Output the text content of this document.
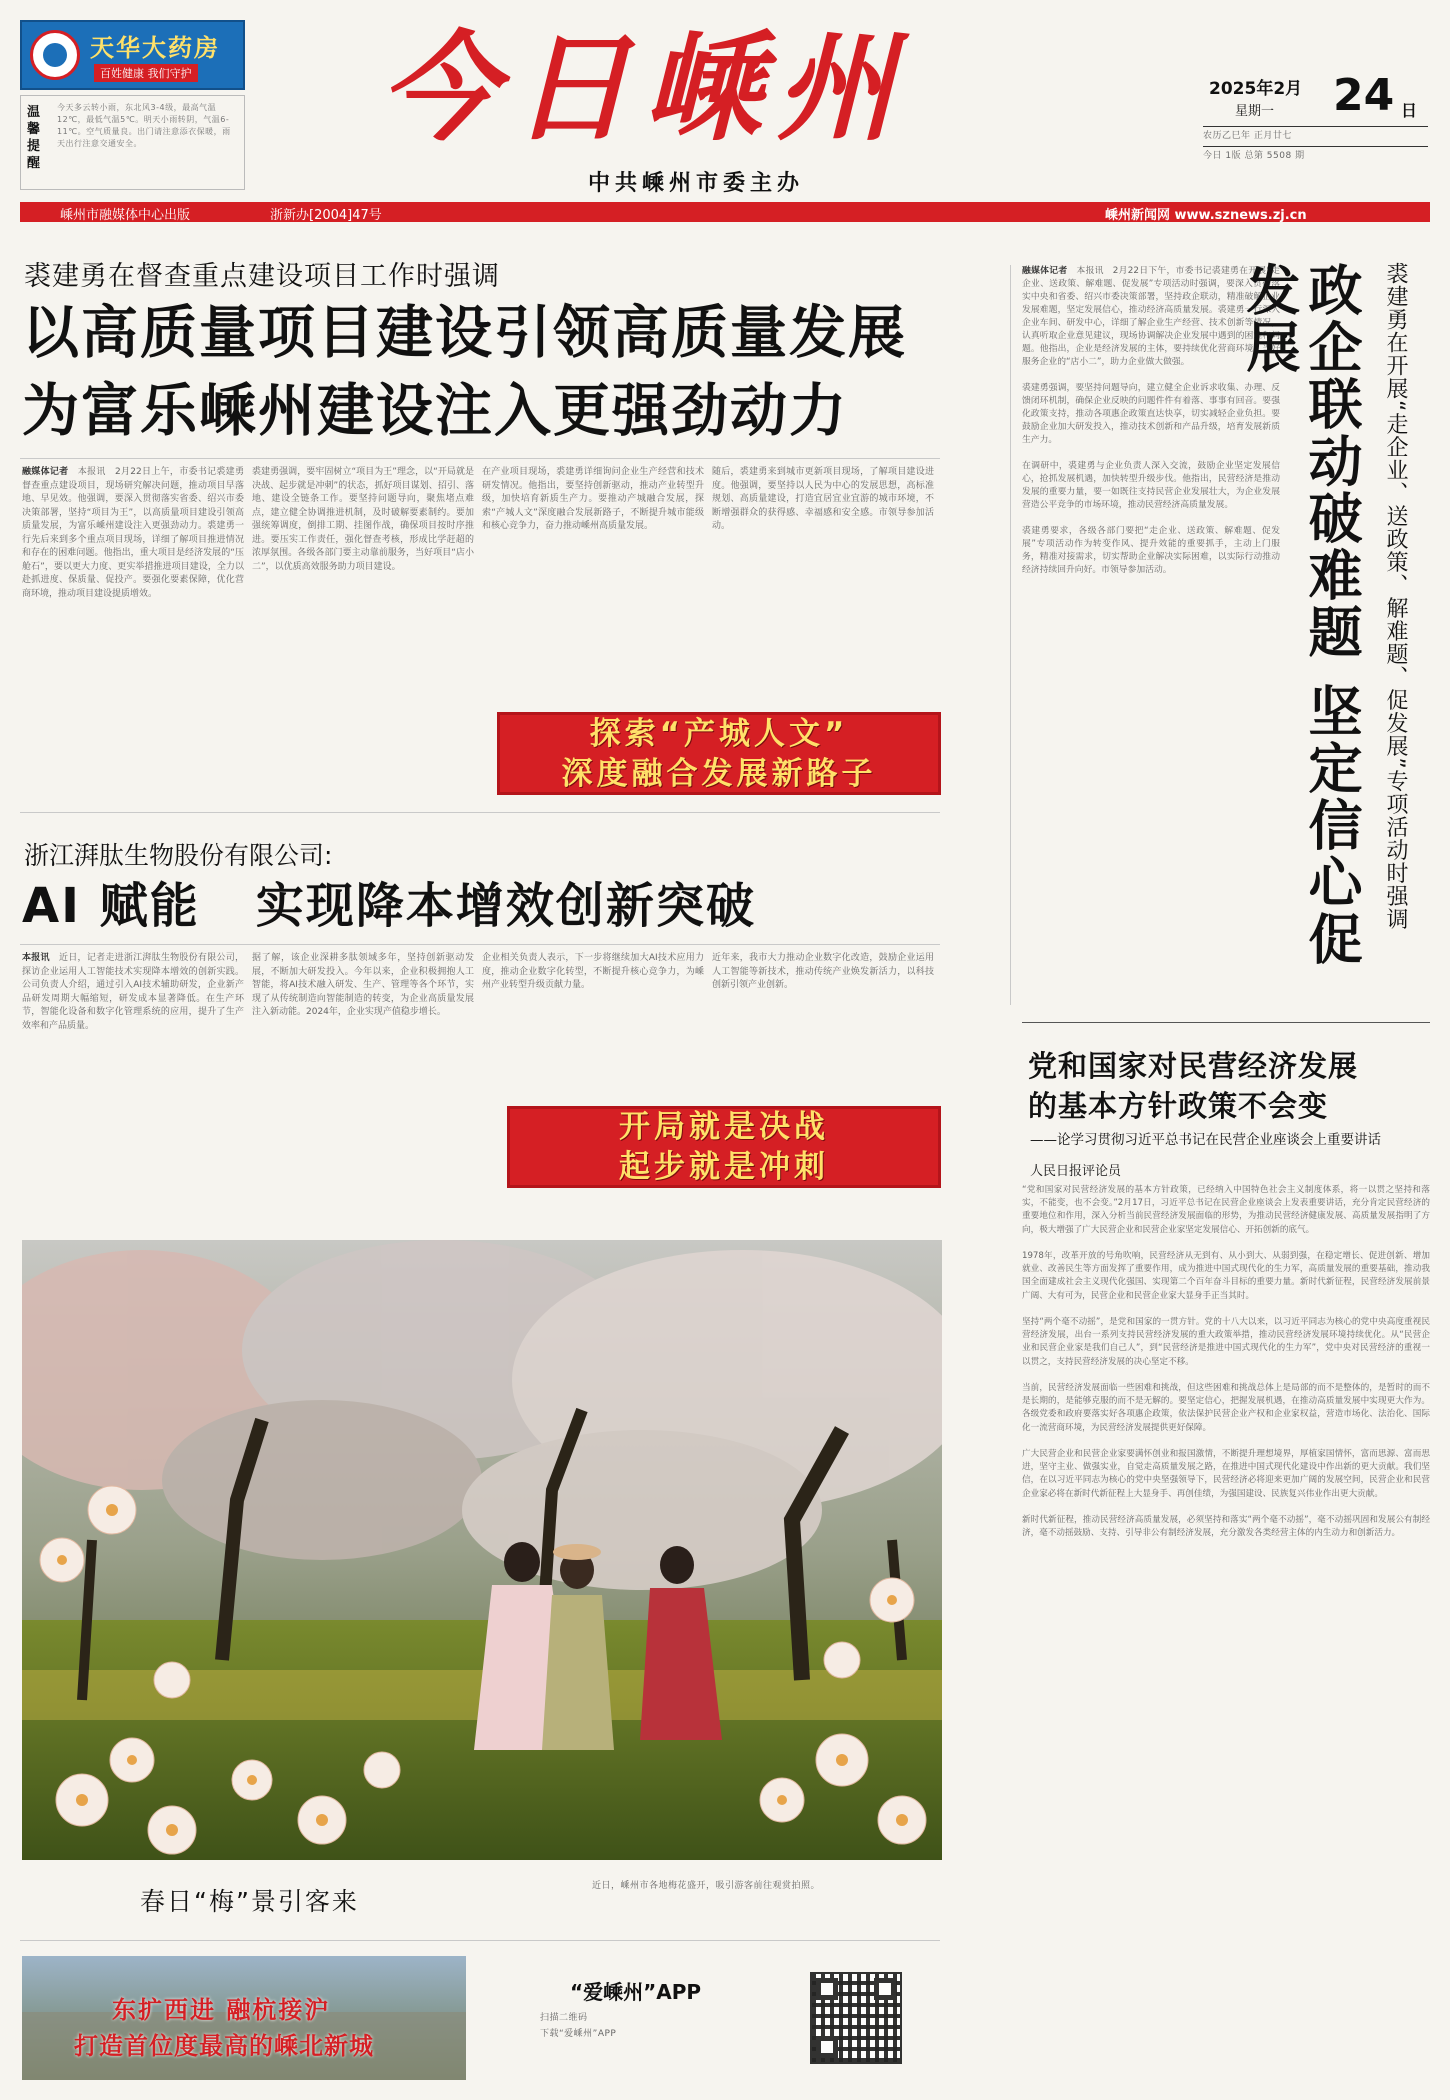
天华大药房
百姓健康 我们守护
温馨提醒
今天多云转小雨，东北风3-4级，最高气温12℃，最低气温5℃。明天小雨转阴，气温6-11℃。空气质量良。出门请注意添衣保暖，雨天出行注意交通安全。	今日嵊州
中共嵊州市委主办
2025年2月
星期一 24 日
农历乙巳年 正月廿七
今日 1版 总第 5508 期
嵊州市融媒体中心出版	浙新办[2004]47号	嵊州新闻网 www.sznews.zj.cn
裘建勇在督查重点建设项目工作时强调
以高质量项目建设引领高质量发展
为富乐嵊州建设注入更强劲动力
融媒体记者　本报讯　2月22日上午，市委书记裘建勇督查重点建设项目，现场研究解决问题，推动项目早落地、早见效。他强调，要深入贯彻落实省委、绍兴市委决策部署，坚持“项目为王”，以高质量项目建设引领高质量发展，为富乐嵊州建设注入更强劲动力。裘建勇一行先后来到多个重点项目现场，详细了解项目推进情况和存在的困难问题。他指出，重大项目是经济发展的“压舱石”，要以更大力度、更实举措推进项目建设，全力以赴抓进度、保质量、促投产。要强化要素保障，优化营商环境，推动项目建设提质增效。
裘建勇强调，要牢固树立“项目为王”理念，以“开局就是决战、起步就是冲刺”的状态，抓好项目谋划、招引、落地、建设全链条工作。要坚持问题导向，聚焦堵点难点，建立健全协调推进机制，及时破解要素制约。要加强统筹调度，倒排工期、挂图作战，确保项目按时序推进。要压实工作责任，强化督查考核，形成比学赶超的浓厚氛围。各级各部门要主动靠前服务，当好项目“店小二”，以优质高效服务助力项目建设。
在产业项目现场，裘建勇详细询问企业生产经营和技术研发情况。他指出，要坚持创新驱动，推动产业转型升级，加快培育新质生产力。要推动产城融合发展，探索“产城人文”深度融合发展新路子，不断提升城市能级和核心竞争力，奋力推动嵊州高质量发展。
随后，裘建勇来到城市更新项目现场，了解项目建设进度。他强调，要坚持以人民为中心的发展思想，高标准规划、高质量建设，打造宜居宜业宜游的城市环境，不断增强群众的获得感、幸福感和安全感。市领导参加活动。
探索“产城人文”
深度融合发展新路子
浙江湃肽生物股份有限公司:
AI 赋能   实现降本增效创新突破
本报讯　近日，记者走进浙江湃肽生物股份有限公司，探访企业运用人工智能技术实现降本增效的创新实践。公司负责人介绍，通过引入AI技术辅助研发，企业新产品研发周期大幅缩短，研发成本显著降低。在生产环节，智能化设备和数字化管理系统的应用，提升了生产效率和产品质量。
据了解，该企业深耕多肽领域多年，坚持创新驱动发展，不断加大研发投入。今年以来，企业积极拥抱人工智能，将AI技术融入研发、生产、管理等各个环节，实现了从传统制造向智能制造的转变，为企业高质量发展注入新动能。2024年，企业实现产值稳步增长。
企业相关负责人表示，下一步将继续加大AI技术应用力度，推动企业数字化转型，不断提升核心竞争力，为嵊州产业转型升级贡献力量。
近年来，我市大力推动企业数字化改造，鼓励企业运用人工智能等新技术，推动传统产业焕发新活力，以科技创新引领产业创新。
开局就是决战
起步就是冲刺
春日“梅”景引客来
近日，嵊州市各地梅花盛开，吸引游客前往观赏拍照。
东扩西进 融杭接沪
打造首位度最高的嵊北新城
“爱嵊州”APP
扫描二维码
下载“爱嵊州”APP
融媒体记者　本报讯　2月22日下午，市委书记裘建勇在开展“走企业、送政策、解难题、促发展”专项活动时强调，要深入贯彻落实中央和省委、绍兴市委决策部署，坚持政企联动，精准破解企业发展难题，坚定发展信心，推动经济高质量发展。裘建勇一行深入企业车间、研发中心，详细了解企业生产经营、技术创新等情况，认真听取企业意见建议，现场协调解决企业发展中遇到的困难和问题。他指出，企业是经济发展的主体，要持续优化营商环境，当好服务企业的“店小二”，助力企业做大做强。

裘建勇强调，要坚持问题导向，建立健全企业诉求收集、办理、反馈闭环机制，确保企业反映的问题件件有着落、事事有回音。要强化政策支持，推动各项惠企政策直达快享，切实减轻企业负担。要鼓励企业加大研发投入，推动技术创新和产品升级，培育发展新质生产力。

在调研中，裘建勇与企业负责人深入交流，鼓励企业坚定发展信心，抢抓发展机遇，加快转型升级步伐。他指出，民营经济是推动发展的重要力量，要一如既往支持民营企业发展壮大，为企业发展营造公平竞争的市场环境，推动民营经济高质量发展。

裘建勇要求，各级各部门要把“走企业、送政策、解难题、促发展”专项活动作为转变作风、提升效能的重要抓手，主动上门服务，精准对接需求，切实帮助企业解决实际困难，以实际行动推动经济持续回升向好。市领导参加活动。	政企联动破难题 坚定信心促发展	裘建勇在开展“走企业、送政策、解难题、促发展”专项活动时强调
党和国家对民营经济发展
的基本方针政策不会变
——论学习贯彻习近平总书记在民营企业座谈会上重要讲话
人民日报评论员
“党和国家对民营经济发展的基本方针政策，已经纳入中国特色社会主义制度体系，将一以贯之坚持和落实，不能变，也不会变。”2月17日，习近平总书记在民营企业座谈会上发表重要讲话，充分肯定民营经济的重要地位和作用，深入分析当前民营经济发展面临的形势，为推动民营经济健康发展、高质量发展指明了方向，极大增强了广大民营企业和民营企业家坚定发展信心、开拓创新的底气。

1978年，改革开放的号角吹响，民营经济从无到有、从小到大、从弱到强，在稳定增长、促进创新、增加就业、改善民生等方面发挥了重要作用，成为推进中国式现代化的生力军，高质量发展的重要基础，推动我国全面建成社会主义现代化强国、实现第二个百年奋斗目标的重要力量。新时代新征程，民营经济发展前景广阔、大有可为，民营企业和民营企业家大显身手正当其时。

坚持“两个毫不动摇”，是党和国家的一贯方针。党的十八大以来，以习近平同志为核心的党中央高度重视民营经济发展，出台一系列支持民营经济发展的重大政策举措，推动民营经济发展环境持续优化。从“民营企业和民营企业家是我们自己人”，到“民营经济是推进中国式现代化的生力军”，党中央对民营经济的重视一以贯之，支持民营经济发展的决心坚定不移。

当前，民营经济发展面临一些困难和挑战，但这些困难和挑战总体上是局部的而不是整体的，是暂时的而不是长期的，是能够克服的而不是无解的。要坚定信心，把握发展机遇，在推动高质量发展中实现更大作为。各级党委和政府要落实好各项惠企政策，依法保护民营企业产权和企业家权益，营造市场化、法治化、国际化一流营商环境，为民营经济发展提供更好保障。

广大民营企业和民营企业家要满怀创业和报国激情，不断提升理想境界，厚植家国情怀，富而思源、富而思进，坚守主业、做强实业，自觉走高质量发展之路，在推进中国式现代化建设中作出新的更大贡献。我们坚信，在以习近平同志为核心的党中央坚强领导下，民营经济必将迎来更加广阔的发展空间，民营企业和民营企业家必将在新时代新征程上大显身手、再创佳绩，为强国建设、民族复兴伟业作出更大贡献。

新时代新征程，推动民营经济高质量发展，必须坚持和落实“两个毫不动摇”，毫不动摇巩固和发展公有制经济，毫不动摇鼓励、支持、引导非公有制经济发展，充分激发各类经营主体的内生动力和创新活力。
